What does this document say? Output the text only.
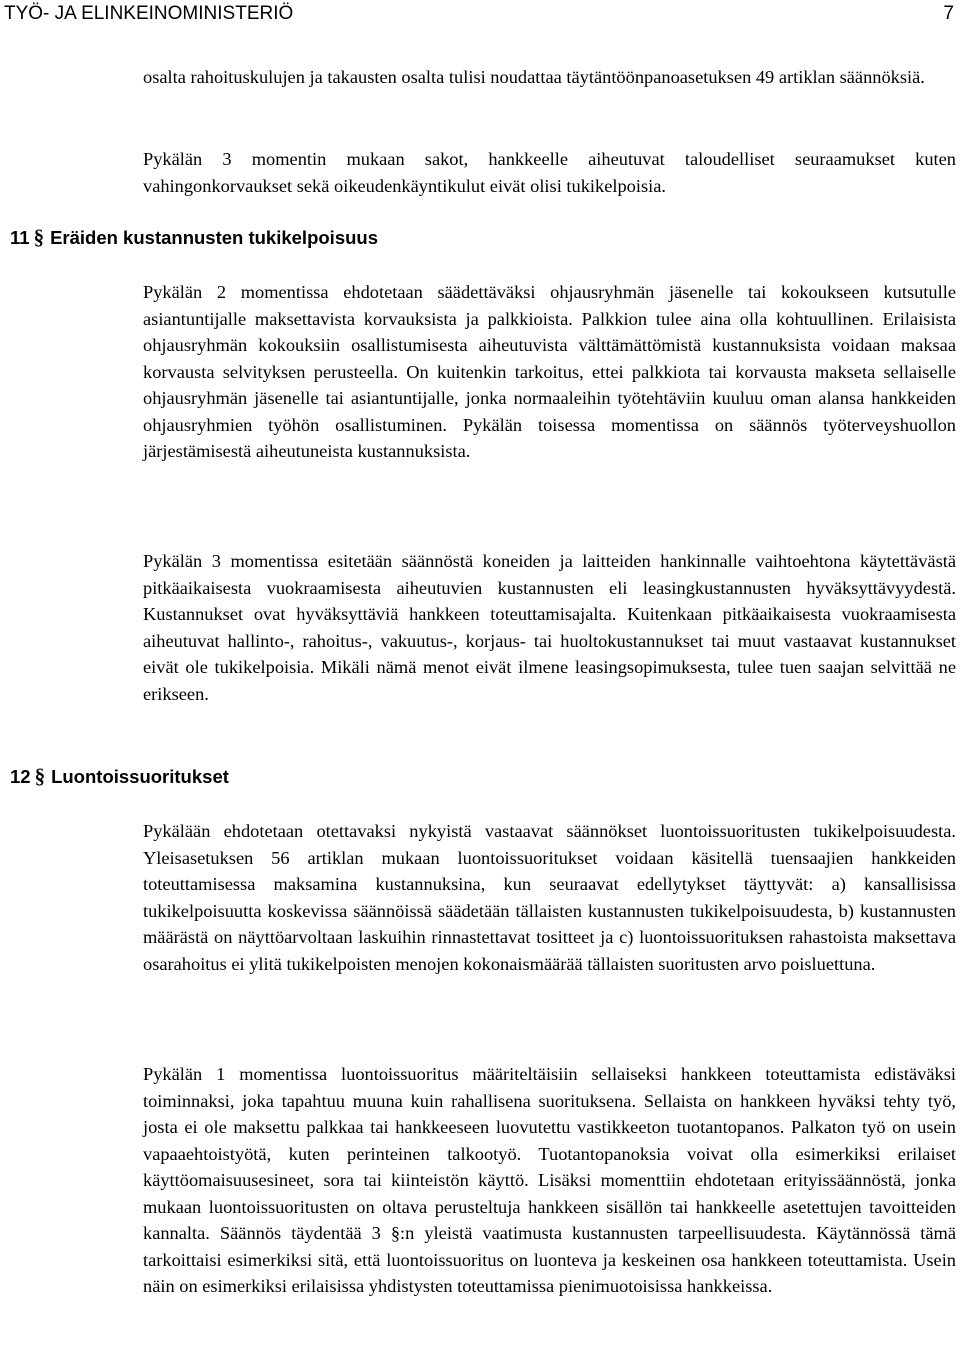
TYÖ- JA ELINKEINOMINISTERIÖ	7

osalta rahoituskulujen ja takausten osalta tulisi noudattaa täytäntöönpanoasetuksen 49 artiklan säännöksiä.

Pykälän 3 momentin mukaan sakot, hankkeelle aiheutuvat taloudelliset seuraamukset kuten vahingonkorvaukset sekä oikeudenkäyntikulut eivät olisi tukikelpoisia.

11 § Eräiden kustannusten tukikelpoisuus

Pykälän 2 momentissa ehdotetaan säädettäväksi ohjausryhmän jäsenelle tai kokoukseen kutsutulle asiantuntijalle maksettavista korvauksista ja palkkioista. Palkkion tulee aina olla kohtuullinen. Erilaisista ohjausryhmän kokouksiin osallistumisesta aiheutuvista välttämättömistä kustannuksista voidaan maksaa korvausta selvityksen perusteella. On kuitenkin tarkoitus, ettei palkkiota tai korvausta makseta sellaiselle ohjausryhmän jäsenelle tai asiantuntijalle, jonka normaaleihin työtehtäviin kuuluu oman alansa hankkeiden ohjausryhmien työhön osallistuminen. Pykälän toisessa momentissa on säännös työterveyshuollon järjestämisestä aiheutuneista kustannuksista.

Pykälän 3 momentissa esitetään säännöstä koneiden ja laitteiden hankinnalle vaihtoehtona käytettävästä pitkäaikaisesta vuokraamisesta aiheutuvien kustannusten eli leasingkustannusten hyväksyttävyydestä. Kustannukset ovat hyväksyttäviä hankkeen toteuttamisajalta. Kuitenkaan pitkäaikaisesta vuokraamisesta aiheutuvat hallinto-, rahoitus-, vakuutus-, korjaus- tai huoltokustannukset tai muut vastaavat kustannukset eivät ole tukikelpoisia. Mikäli nämä menot eivät ilmene leasingsopimuksesta, tulee tuen saajan selvittää ne erikseen.

12 § Luontoissuoritukset

Pykälään ehdotetaan otettavaksi nykyistä vastaavat säännökset luontoissuoritusten tukikelpoisuudesta. Yleisasetuksen 56 artiklan mukaan luontoissuoritukset voidaan käsitellä tuensaajien hankkeiden toteuttamisessa maksamina kustannuksina, kun seuraavat edellytykset täyttyvät: a) kansallisissa tukikelpoisuutta koskevissa säännöissä säädetään tällaisten kustannusten tukikelpoisuudesta, b) kustannusten määrästä on näyttöarvoltaan laskuihin rinnastettavat tositteet ja c) luontoissuorituksen rahastoista maksettava osarahoitus ei ylitä tukikelpoisten menojen kokonaismäärää tällaisten suoritusten arvo poisluettuna.

Pykälän 1 momentissa luontoissuoritus määriteltäisiin sellaiseksi hankkeen toteuttamista edistäväksi toiminnaksi, joka tapahtuu muuna kuin rahallisena suorituksena. Sellaista on hankkeen hyväksi tehty työ, josta ei ole maksettu palkkaa tai hankkeeseen luovutettu vastikkeeton tuotantopanos. Palkaton työ on usein vapaaehtoistyötä, kuten perinteinen talkootyö. Tuotantopanoksia voivat olla esimerkiksi erilaiset käyttöomaisuusesineet, sora tai kiinteistön käyttö. Lisäksi momenttiin ehdotetaan erityissäännöstä, jonka mukaan luontoissuoritusten on oltava perusteltuja hankkeen sisällön tai hankkeelle asetettujen tavoitteiden kannalta. Säännös täydentää 3 §:n yleistä vaatimusta kustannusten tarpeellisuudesta. Käytännössä tämä tarkoittaisi esimerkiksi sitä, että luontoissuoritus on luonteva ja keskeinen osa hankkeen toteuttamista. Usein näin on esimerkiksi erilaisissa yhdistysten toteuttamissa pienimuotoisissa hankkeissa.
